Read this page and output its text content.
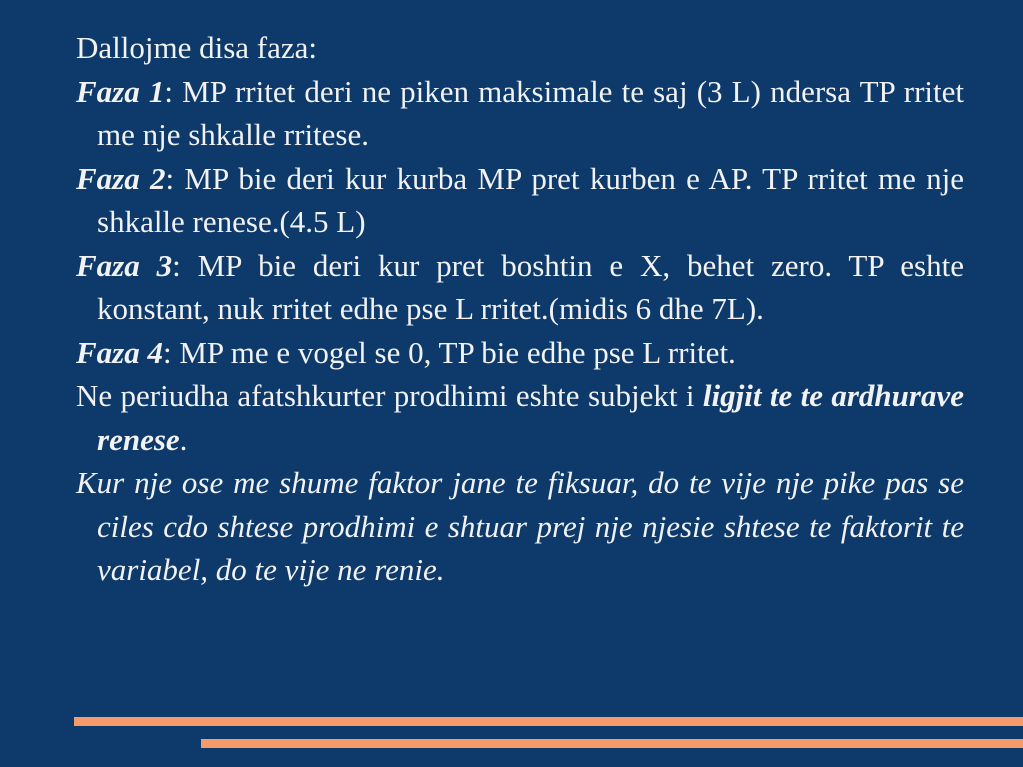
Dallojme disa faza:

Faza 1: MP rritet deri ne piken maksimale te saj (3 L) ndersa TP rritet me nje shkalle rritese.

Faza 2: MP bie deri kur kurba MP pret kurben e AP. TP rritet me nje shkalle renese.(4.5 L)

Faza 3: MP bie deri kur pret boshtin e X, behet zero. TP eshte konstant, nuk rritet edhe pse L rritet.(midis 6 dhe 7L).

Faza 4: MP me e vogel se 0, TP bie edhe pse L rritet.

Ne periudha afatshkurter prodhimi eshte subjekt i ligjit te te ardhurave renese.

Kur nje ose me shume faktor jane te fiksuar, do te vije nje pike pas se ciles cdo shtese prodhimi e shtuar prej nje njesie shtese te faktorit te variabel, do te vije ne renie.
